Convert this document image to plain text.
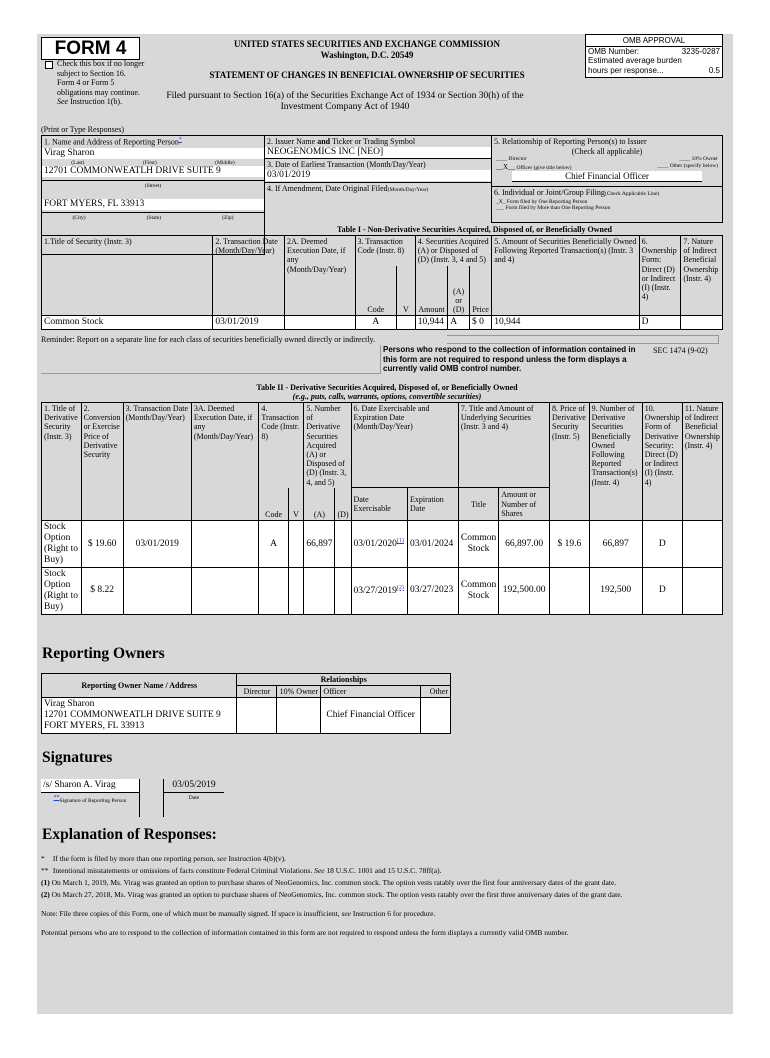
FORM 4
Check this box if no longer subject to Section 16. Form 4 or Form 5 obligations may continue. See Instruction 1(b).
UNITED STATES SECURITIES AND EXCHANGE COMMISSION
Washington, D.C. 20549
STATEMENT OF CHANGES IN BENEFICIAL OWNERSHIP OF SECURITIES
Filed pursuant to Section 16(a) of the Securities Exchange Act of 1934 or Section 30(h) of the Investment Company Act of 1940
OMB APPROVAL
OMB Number:	3235-0287
Estimated average burden
hours per response...	0.5
(Print or Type Responses)
1. Name and Address of Reporting Person*
Virag Sharon
(Last)	(First)	(Middle)
12701 COMMONWEATLH DRIVE SUITE 9
(Street)
FORT MYERS, FL 33913
(City)	(State)	(Zip)
2. Issuer Name and Ticker or Trading Symbol
NEOGENOMICS INC [NEO]
3. Date of Earliest Transaction (Month/Day/Year)
03/01/2019
4. If Amendment, Date Original Filed(Month/Day/Year)
5. Relationship of Reporting Person(s) to Issuer
(Check all applicable)
____ Director	____ 10% Owner
__X__ Officer (give title below)	____ Other (specify below)
Chief Financial Officer
6. Individual or Joint/Group Filing(Check Applicable Line)
_X_ Form filed by One Reporting Person
___ Form filed by More than One Reporting Person
Table I - Non-Derivative Securities Acquired, Disposed of, or Beneficially Owned
1.Title of Security (Instr. 3)	2. Transaction Date (Month/Day/Year)	2A. Deemed Execution Date, if any (Month/Day/Year)	3. Transaction Code (Instr. 8)		4. Securities Acquired (A) or Disposed of (D) (Instr. 3, 4 and 5)			5. Amount of Securities Beneficially Owned Following Reported Transaction(s) (Instr. 3 and 4)	6. Ownership Form: Direct (D) or Indirect (I) (Instr. 4)	7. Nature of Indirect Beneficial Ownership (Instr. 4)
			Code	V	Amount	(A) or (D)	Price			
Common Stock	03/01/2019		A		10,944	A	$ 0	10,944	D	
Reminder: Report on a separate line for each class of securities beneficially owned directly or indirectly.
Persons who respond to the collection of information contained in this form are not required to respond unless the form displays a currently valid OMB control number.
SEC 1474 (9-02)
Table II - Derivative Securities Acquired, Disposed of, or Beneficially Owned
(e.g., puts, calls, warrants, options, convertible securities)
1. Title of Derivative Security (Instr. 3)	2. Conversion or Exercise Price of Derivative Security	3. Transaction Date (Month/Day/Year)	3A. Deemed Execution Date, if any (Month/Day/Year)	4. Transaction Code (Instr. 8)		5. Number of Derivative Securities Acquired (A) or Disposed of (D) (Instr. 3, 4, and 5)		6. Date Exercisable and Expiration Date (Month/Day/Year)		7. Title and Amount of Underlying Securities (Instr. 3 and 4)		8. Price of Derivative Security (Instr. 5)	9. Number of Derivative Securities Beneficially Owned Following Reported Transaction(s) (Instr. 4)	10. Ownership Form of Derivative Security: Direct (D) or Indirect (I) (Instr. 4)	11. Nature of Indirect Beneficial Ownership (Instr. 4)
				Code	V	(A)	(D)	Date Exercisable	Expiration Date	Title	Amount or Number of Shares				
Stock Option (Right to Buy)	$ 19.60	03/01/2019		A		66,897		03/01/2020$^{(1)}$	03/01/2024	Common Stock	66,897.00	$ 19.6	66,897	D	
Stock Option (Right to Buy)	$ 8.22							03/27/2019$^{(2)}$	03/27/2023	Common Stock	192,500.00		192,500	D	
Reporting Owners
Reporting Owner Name / Address	Relationships			
	Director	10% Owner	Officer	Other

Virag Sharon
12701 COMMONWEATLH DRIVE SUITE 9
FORT MYERS, FL 33913			Chief Financial Officer	
Signatures
/s/ Sharon A. Virag
**Signature of Reporting Person
03/05/2019
Date
Explanation of Responses:
* If the form is filed by more than one reporting person, see Instruction 4(b)(v).
** Intentional misstatements or omissions of facts constitute Federal Criminal Violations. See 18 U.S.C. 1001 and 15 U.S.C. 78ff(a).
(1) On March 1, 2019, Ms. Virag was granted an option to purchase shares of NeoGenomics, Inc. common stock. The option vests ratably over the first four anniversary dates of the grant date.
(2) On March 27, 2018, Ms. Virag was granted an option to purchase shares of NeoGenomics, Inc. common stock. The option vests ratably over the first three anniversary dates of the grant date.
Note: File three copies of this Form, one of which must be manually signed. If space is insufficient, see Instruction 6 for procedure.
Potential persons who are to respond to the collection of information contained in this form are not required to respond unless the form displays a currently valid OMB number.
